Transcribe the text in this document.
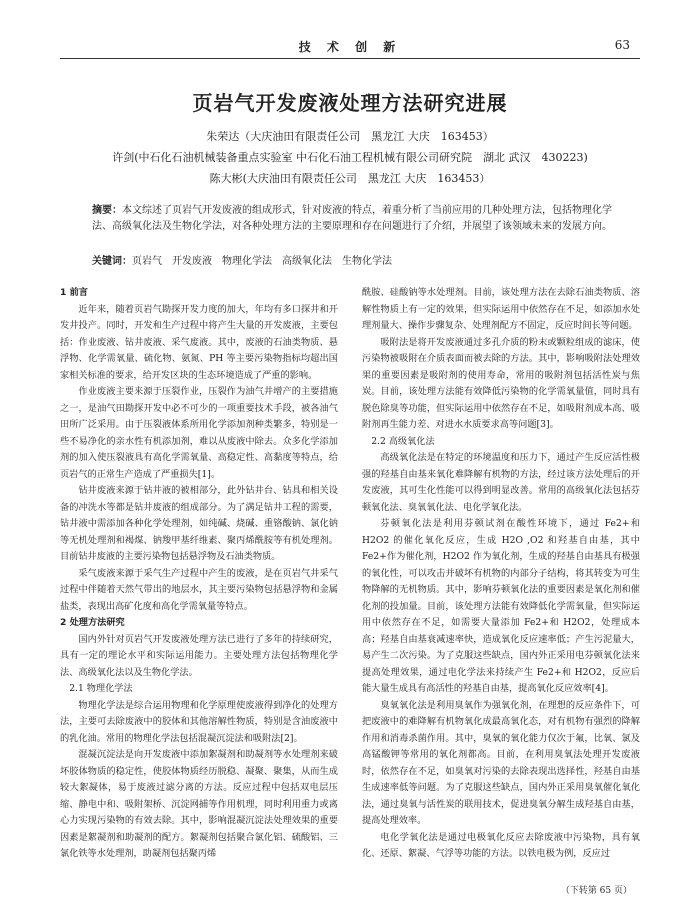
技 术 创 新	63
页岩气开发废液处理方法研究进展
朱荣达（大庆油田有限责任公司　黑龙江 大庆　163453）
许剑(中石化石油机械装备重点实验室 中石化石油工程机械有限公司研究院　湖北 武汉　430223)
陈大彬(大庆油田有限责任公司　黑龙江 大庆　163453）
摘要：本文综述了页岩气开发废液的组成形式，针对废液的特点，着重分析了当前应用的几种处理方法，包括物理化学法、高级氧化法及生物化学法，对各种处理方法的主要原理和存在问题进行了介绍，并展望了该领域未来的发展方向。
关键词：页岩气　开发废液　物理化学法　高级氧化法　生物化学法

1 前言

近年来，随着页岩气勘探开发力度的加大，年均有多口探井和开发井投产。同时，开发和生产过程中将产生大量的开发废液，主要包括：作业废液、钻井废液、采气废液。其中，废液的石油类物质、悬浮物、化学需氧量、硫化物、氨氮、PH 等主要污染物指标均超出国家相关标准的要求，给开发区块的生态环境造成了严重的影响。

作业废液主要来源于压裂作业，压裂作为油气井增产的主要措施之一，是油气田勘探开发中必不可少的一项重要技术手段，被各油气田所广泛采用。由于压裂液体系所用化学添加剂种类繁多，特别是一些不易净化的亲水性有机添加剂，难以从废液中除去。众多化学添加剂的加入使压裂液具有高化学需氧量、高稳定性、高黏度等特点，给页岩气的正常生产造成了严重损失[1]。

钻井废液来源于钻井液的被相部分，此外钻井台、钻具和相关设备的冲洗水等都是钻井废液的组成部分。为了满足钻井工程的需要，钻井液中需添加各种化学处理剂，如纯碱、烧碱、重铬酸钠、氯化钠等无机处理剂和褐煤、钠羧甲基纤维素、聚丙烯酰胺等有机处理剂。目前钻井废液的主要污染物包括悬浮物及石油类物质。

采气废液来源于采气生产过程中产生的废液，是在页岩气井采气过程中伴随着天然气带出的地层水，其主要污染物包括悬浮物和金属盐类，表现出高矿化度和高化学需氧量等特点。

2 处理方法研究

国内外针对页岩气开发废液处理方法已进行了多年的持续研究，具有一定的理论水平和实际运用能力。主要处理方法包括物理化学法、高级氧化法以及生物化学法。

2.1 物理化学法

物理化学法是综合运用物理和化学原理使废液得到净化的处理方法，主要可去除废液中的胶体和其他溶解性物质，特别是含油废液中的乳化油。常用的物理化学法包括混凝沉淀法和吸附法[2]。

混凝沉淀法是向开发废液中添加絮凝剂和助凝剂等水处理剂来破坏胶体物质的稳定性，使胶体物质经历脱稳、凝聚、聚集，从而生成较大絮凝体，易于废液过滤分离的方法。反应过程中包括双电层压缩、静电中和、吸附架桥、沉淀网捕等作用机理，同时利用重力或离心力实现污染物的有效去除。其中，影响混凝沉淀法处理效果的重要因素是絮凝剂和助凝剂的配方。絮凝剂包括聚合氯化铝、硫酸铝、三氯化铁等水处理剂，助凝剂包括聚丙烯

酰胺、硅酸钠等水处理剂。目前，该处理方法在去除石油类物质、溶解性物质上有一定的效果，但实际运用中依然存在不足，如添加水处理剂量大、操作步骤复杂、处理剂配方不固定，反应时间长等问题。

吸附法是将开发废液通过多孔介质的粉末或颗粒组成的滤床，使污染物被吸附在介质表面而被去除的方法。其中，影响吸附法处理效果的重要因素是吸附剂的使用寿命，常用的吸附剂包括活性炭与焦炭。目前，该处理方法能有效降低污染物的化学需氧量值，同时具有脱色除臭等功能，但实际运用中依然存在不足，如吸附剂成本高、吸附剂再生能力差、对进水水质要求高等问题[3]。

2.2 高级氧化法

高级氧化法是在特定的环境温度和压力下，通过产生反应活性极强的羟基自由基来氧化难降解有机物的方法，经过该方法处理后的开发废液，其可生化性能可以得到明显改善。常用的高级氧化法包括芬顿氧化法、臭氧氧化法、电化学氧化法。

芬顿氧化法是利用芬顿试剂在酸性环境下，通过 Fe2+和 H2O2 的催化氧化反应，生成 H2O ,O2 和羟基自由基，其中 Fe2+作为催化剂，H2O2 作为氧化剂，生成的羟基自由基具有极强的氧化性，可以攻击并破坏有机物的内部分子结构，将其转变为可生物降解的无机物质。其中，影响芬顿氧化法的重要因素是氧化剂和催化剂的投加量。目前，该处理方法能有效降低化学需氧量，但实际运用中依然存在不足，如需要大量添加 Fe2+和 H2O2，处理成本高；羟基自由基衰减速率快，造成氧化反应速率低；产生污泥量大，易产生二次污染。为了克服这些缺点，国内外正采用电芬顿氧化法来提高处理效果，通过电化学法来持续产生 Fe2+和 H2O2，反应后能大量生成具有高活性的羟基自由基，提高氧化反应效率[4]。

臭氧氧化法是利用臭氧作为强氧化剂，在理想的反应条件下，可把废液中的难降解有机物氧化成最高氧化态，对有机物有强烈的降解作用和消毒杀菌作用。其中，臭氧的氧化能力仅次于氟，比氧、氯及高锰酸钾等常用的氧化剂都高。目前，在利用臭氧法处理开发废液时，依然存在不足，如臭氧对污染的去除表现出选择性，羟基自由基生成速率低等问题。为了克服这些缺点，国内外正采用臭氧催化氧化法，通过臭氧与活性炭的联用技术，促进臭氧分解生成羟基自由基，提高处理效率。

电化学氧化法是通过电极氧化反应去除废液中污染物，具有氧化、还原、絮凝、气浮等功能的方法。以铁电极为例，反应过

（下转第 65 页）
